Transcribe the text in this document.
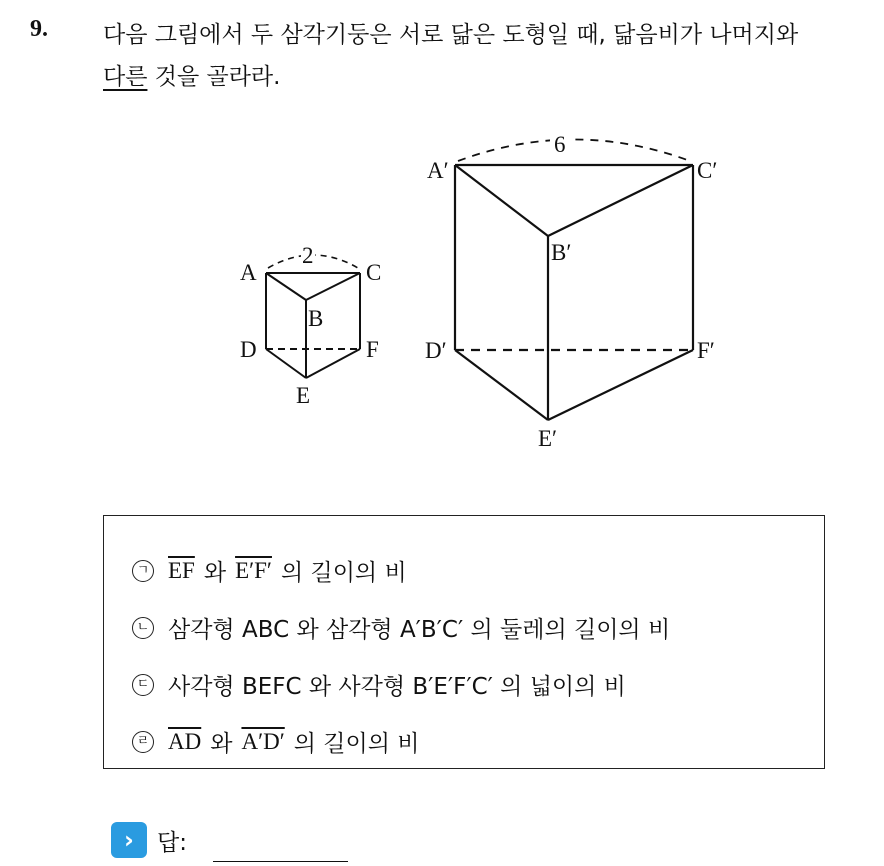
9. 다음 그림에서 두 삼각기둥은 서로 닮은 도형일 때, 닮음비가 나머지와
다른 것을 골라라.
A	C
B
D	F
E
2
A′	C′
B′
D′	F′
E′
6
ㄱ $\overline{EF}$ 와 E′F′ 의 길이의 비
ㄴ 삼각형 ABC 와 삼각형 A′B′C′ 의 둘레의 길이의 비
ㄷ 사각형 BEFC 와 사각형 B′E′F′C′ 의 넓이의 비
ㄹ $\overline{AD}$ 와 A′D′ 의 길이의 비
›	답:
